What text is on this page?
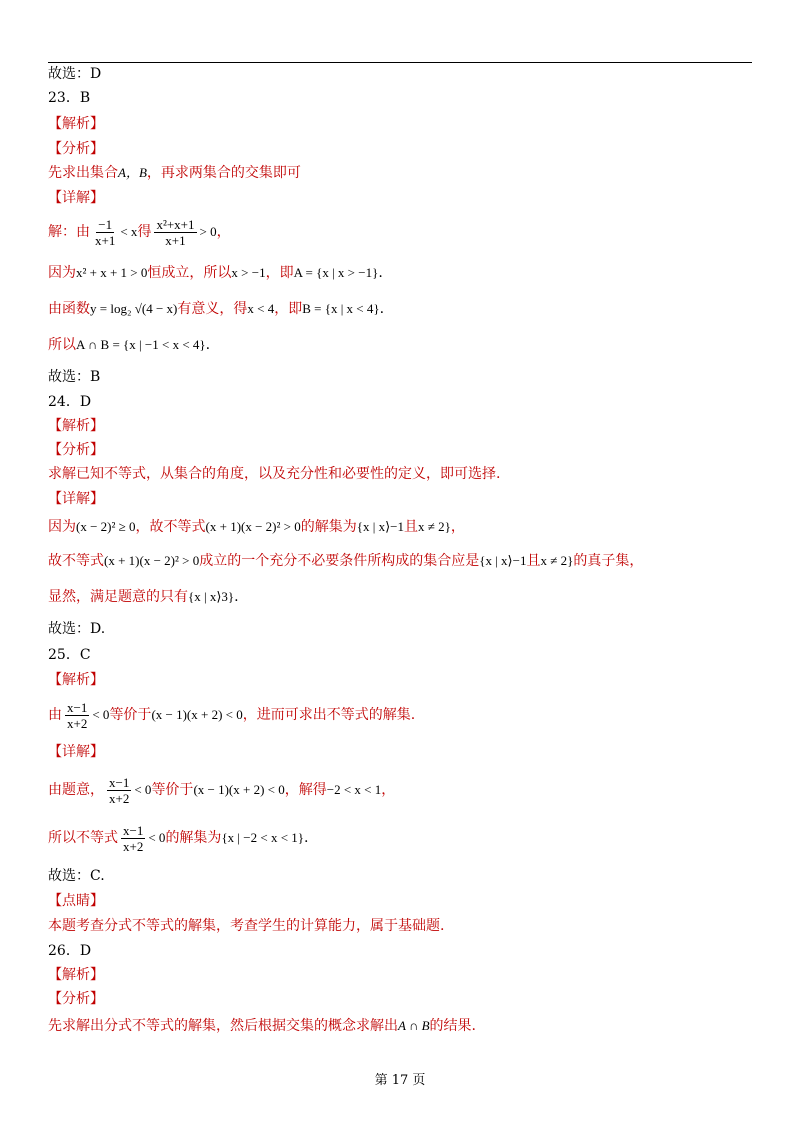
故选：D
23．B
【解析】
【分析】
先求出集合 A，B ，再求两集合的交集即可
【详解】
解：由 $\frac{-1}{x+1} < x$ 得 $\frac{\text{x²+x+1}}{x+1} > 0$ ，
因为 x² + x + 1 > 0 恒成立，所以 x > −1 ，即 A = {x | x > −1} .
由函数 y = log₂ √(4 − x) 有意义，得 x < 4 ，即 B = {x | x < 4} .
所以 A ∩ B = {x | −1 < x < 4} .
故选：B
24．D
【解析】
【分析】
求解已知不等式，从集合的角度，以及充分性和必要性的定义，即可选择.
【详解】
因为 (x − 2)² ≥ 0 ，故不等式 (x + 1)(x − 2)² > 0 的解集为 {x | x⟩−1 且 x ≠ 2} ，
故不等式 (x + 1)(x − 2)² > 0 成立的一个充分不必要条件所构成的集合应是 {x | x⟩−1 且 x ≠ 2} 的真子集，
显然，满足题意的只有 {x | x⟩3} .
故选：D.
25．C
【解析】
由 $\frac{x-1}{x+2} < 0$ 等价于 (x − 1)(x + 2) < 0 ，进而可求出不等式的解集.
【详解】
由题意， $\frac{x-1}{x+2} < 0$ 等价于 (x − 1)(x + 2) < 0 ，解得 −2 < x < 1 ，
所以不等式 $\frac{x-1}{x+2} < 0$ 的解集为 {x | −2 < x < 1} .
故选：C.
【点睛】
本题考查分式不等式的解集，考查学生的计算能力，属于基础题.
26．D
【解析】
【分析】
先求解出分式不等式的解集，然后根据交集的概念求解出 A ∩ B 的结果.
第 17 页
